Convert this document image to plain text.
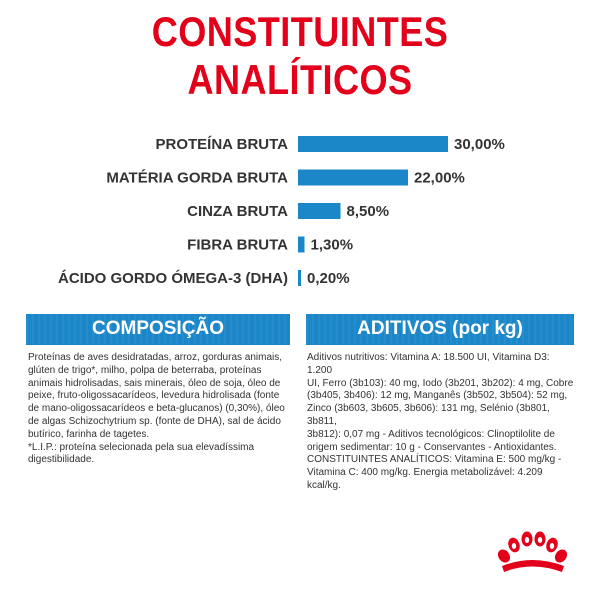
CONSTITUINTES ANALÍTICOS
PROTEÍNA BRUTA	30,00%
MATÉRIA GORDA BRUTA	22,00%
CINZA BRUTA	8,50%
FIBRA BRUTA 1,30%
ÁCIDO GORDO ÓMEGA-3 (DHA) 0,20%
COMPOSIÇÃO

Proteínas de aves desidratadas, arroz, gorduras animais,
glúten de trigo*, milho, polpa de beterraba, proteínas
animais hidrolisadas, sais minerais, óleo de soja, óleo de
peixe, fruto-oligossacarídeos, levedura hidrolisada (fonte
de mano-oligossacarídeos e beta-glucanos) (0,30%), óleo
de algas Schizochytrium sp. (fonte de DHA), sal de ácido
butírico, farinha de tagetes.
*L.I.P.: proteína selecionada pela sua elevadíssima
digestibilidade.

ADITIVOS (por kg)

Aditivos nutritivos: Vitamina A: 18.500 UI, Vitamina D3: 1.200
UI, Ferro (3b103): 40 mg, Iodo (3b201, 3b202): 4 mg, Cobre
(3b405, 3b406): 12 mg, Manganês (3b502, 3b504): 52 mg,
Zinco (3b603, 3b605, 3b606): 131 mg, Selénio (3b801, 3b811,
3b812): 0,07 mg - Aditivos tecnológicos: Clinoptilolite de
origem sedimentar: 10 g - Conservantes - Antioxidantes.
CONSTITUINTES ANALÍTICOS: Vitamina E: 500 mg/kg -
Vitamina C: 400 mg/kg. Energia metabolizável: 4.209 kcal/kg.
